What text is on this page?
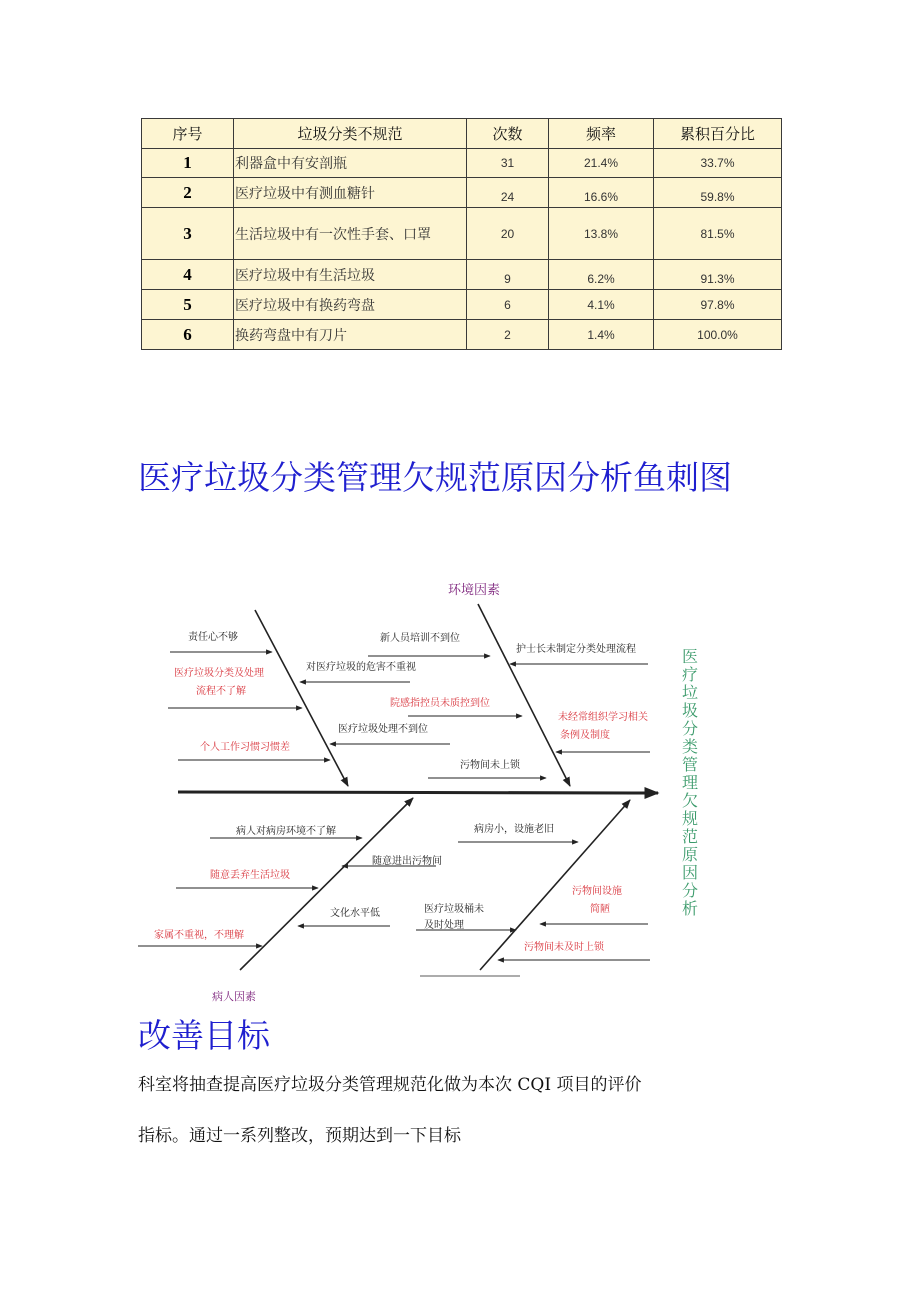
序号	垃圾分类不规范	次数	频率	累积百分比
1	利器盒中有安剖瓶	31	21.4%	33.7%
2	医疗垃圾中有测血糖针	24	16.6%	59.8%
3	生活垃圾中有一次性手套、口罩	20	13.8%	81.5%
4	医疗垃圾中有生活垃圾	9	6.2%	91.3%
5	医疗垃圾中有换药弯盘	6	4.1%	97.8%
6	换药弯盘中有刀片	2	1.4%	100.0%
医疗垃圾分类管理欠规范原因分析鱼刺图
环境因素
病人因素
责任心不够
医疗垃圾分类及处理
流程不了解
个人工作习惯习惯差
新人员培训不到位
对医疗垃圾的危害不重视
院感指控员未质控到位
医疗垃圾处理不到位
护士长未制定分类处理流程
未经常组织学习相关
条例及制度
污物间未上锁
病人对病房环境不了解
随意丢弃生活垃圾
家属不重视，不理解
随意进出污物间
文化水平低
病房小，设施老旧
医疗垃圾桶未
及时处理
污物间设施
简陋
污物间未及时上锁
医疗垃圾分类管理欠规范原因分析
改善目标

科室将抽查提高医疗垃圾分类管理规范化做为本次 CQI 项目的评价

指标。通过一系列整改，预期达到一下目标
